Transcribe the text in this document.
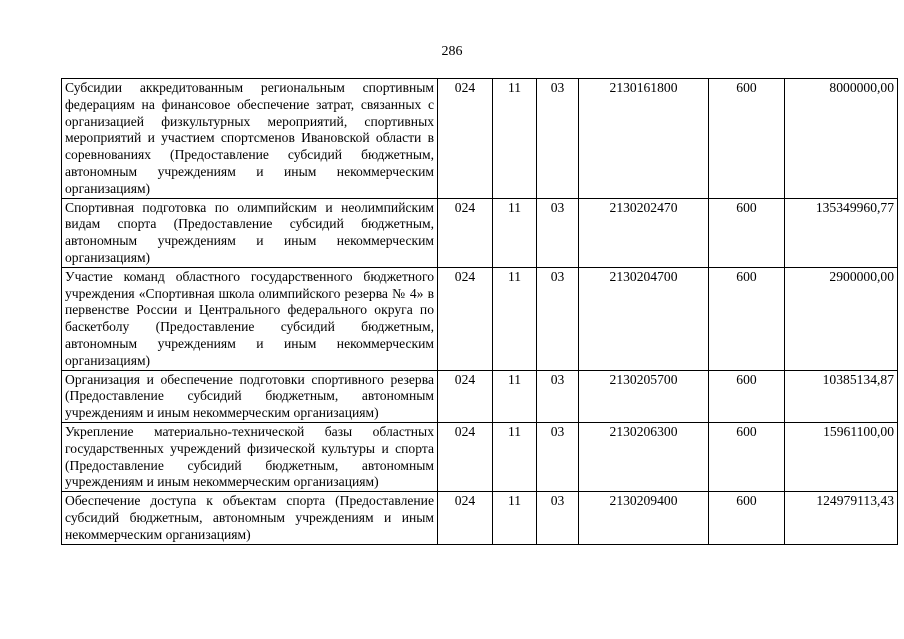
286
Субсидии аккредитованным региональным спортивным федерациям на финансовое обеспечение затрат, связанных с организацией физкультурных мероприятий, спортивных мероприятий и участием спортсменов Ивановской области в соревнованиях (Предоставление субсидий бюджетным, автономным учреждениям и иным некоммерческим организациям)	024	11	03	2130161800	600	8000000,00
Спортивная подготовка по олимпийским и неолимпийским видам спорта (Предоставление субсидий бюджетным, автономным учреждениям и иным некоммерческим организациям)	024	11	03	2130202470	600	135349960,77
Участие команд областного государственного бюджетного учреждения «Спортивная школа олимпийского резерва № 4» в первенстве России и Центрального федерального округа по баскетболу (Предоставление субсидий бюджетным, автономным учреждениям и иным некоммерческим организациям)	024	11	03	2130204700	600	2900000,00
Организация и обеспечение подготовки спортивного резерва (Предоставление субсидий бюджетным, автономным учреждениям и иным некоммерческим организациям)	024	11	03	2130205700	600	10385134,87
Укрепление материально-технической базы областных государственных учреждений физической культуры и спорта (Предоставление субсидий бюджетным, автономным учреждениям и иным некоммерческим организациям)	024	11	03	2130206300	600	15961100,00
Обеспечение доступа к объектам спорта (Предоставление субсидий бюджетным, автономным учреждениям и иным некоммерческим организациям)	024	11	03	2130209400	600	124979113,43
